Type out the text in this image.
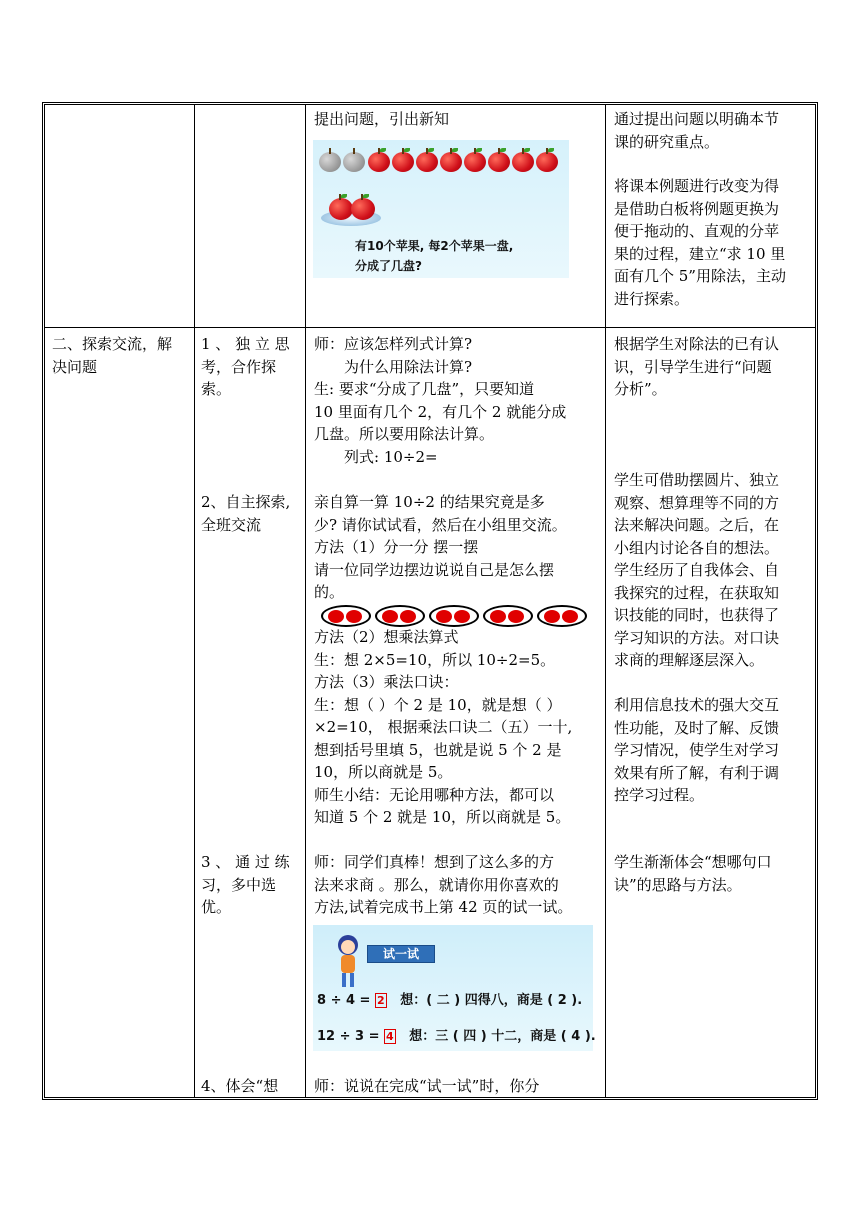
提出问题，引出新知

有10个苹果, 每2个苹果一盘,
分成了几盘?

通过提出问题以明确本节

课的研究重点。

将课本例题进行改变为得

是借助白板将例题更换为

便于拖动的、直观的分苹

果的过程，建立“求 10 里

面有几个 5”用除法，主动

进行探索。

二、探索交流，解

决问题

1 、 独 立 思

考，合作探

索。

2、自主探索,

全班交流

3 、 通 过 练

习，多中选

优。

4、体会“想

师：应该怎样列式计算?

为什么用除法计算?

生: 要求“分成了几盘”，只要知道

10 里面有几个 2，有几个 2 就能分成

几盘。所以要用除法计算。

列式: 10÷2=

亲自算一算 10÷2 的结果究竟是多

少? 请你试试看，然后在小组里交流。

方法（1）分一分 摆一摆

请一位同学边摆边说说自己是怎么摆

的。

方法（2）想乘法算式

生：想 2×5=10，所以 10÷2=5。

方法（3）乘法口诀：

生：想（ ）个 2 是 10，就是想（ ）

×2=10， 根据乘法口诀二（五）一十,

想到括号里填 5，也就是说 5 个 2 是

10，所以商就是 5。

师生小结：无论用哪种方法，都可以

知道 5 个 2 就是 10，所以商就是 5。

师：同学们真棒！想到了这么多的方

法来求商 。那么，就请你用你喜欢的

方法,试着完成书上第 42 页的试一试。

试一试
8 ÷ 4 = 2 想：( 二 ) 四得八，商是 ( 2 ).
12 ÷ 3 = 4 想：三 ( 四 ) 十二，商是 ( 4 ).

师：说说在完成“试一试”时，你分

根据学生对除法的已有认

识，引导学生进行“问题

分析”。

学生可借助摆圆片、独立

观察、想算理等不同的方

法来解决问题。之后，在

小组内讨论各自的想法。

学生经历了自我体会、自

我探究的过程，在获取知

识技能的同时，也获得了

学习知识的方法。对口诀

求商的理解逐层深入。

利用信息技术的强大交互

性功能，及时了解、反馈

学习情况，使学生对学习

效果有所了解，有利于调

控学习过程。

学生渐渐体会“想哪句口

诀”的思路与方法。
